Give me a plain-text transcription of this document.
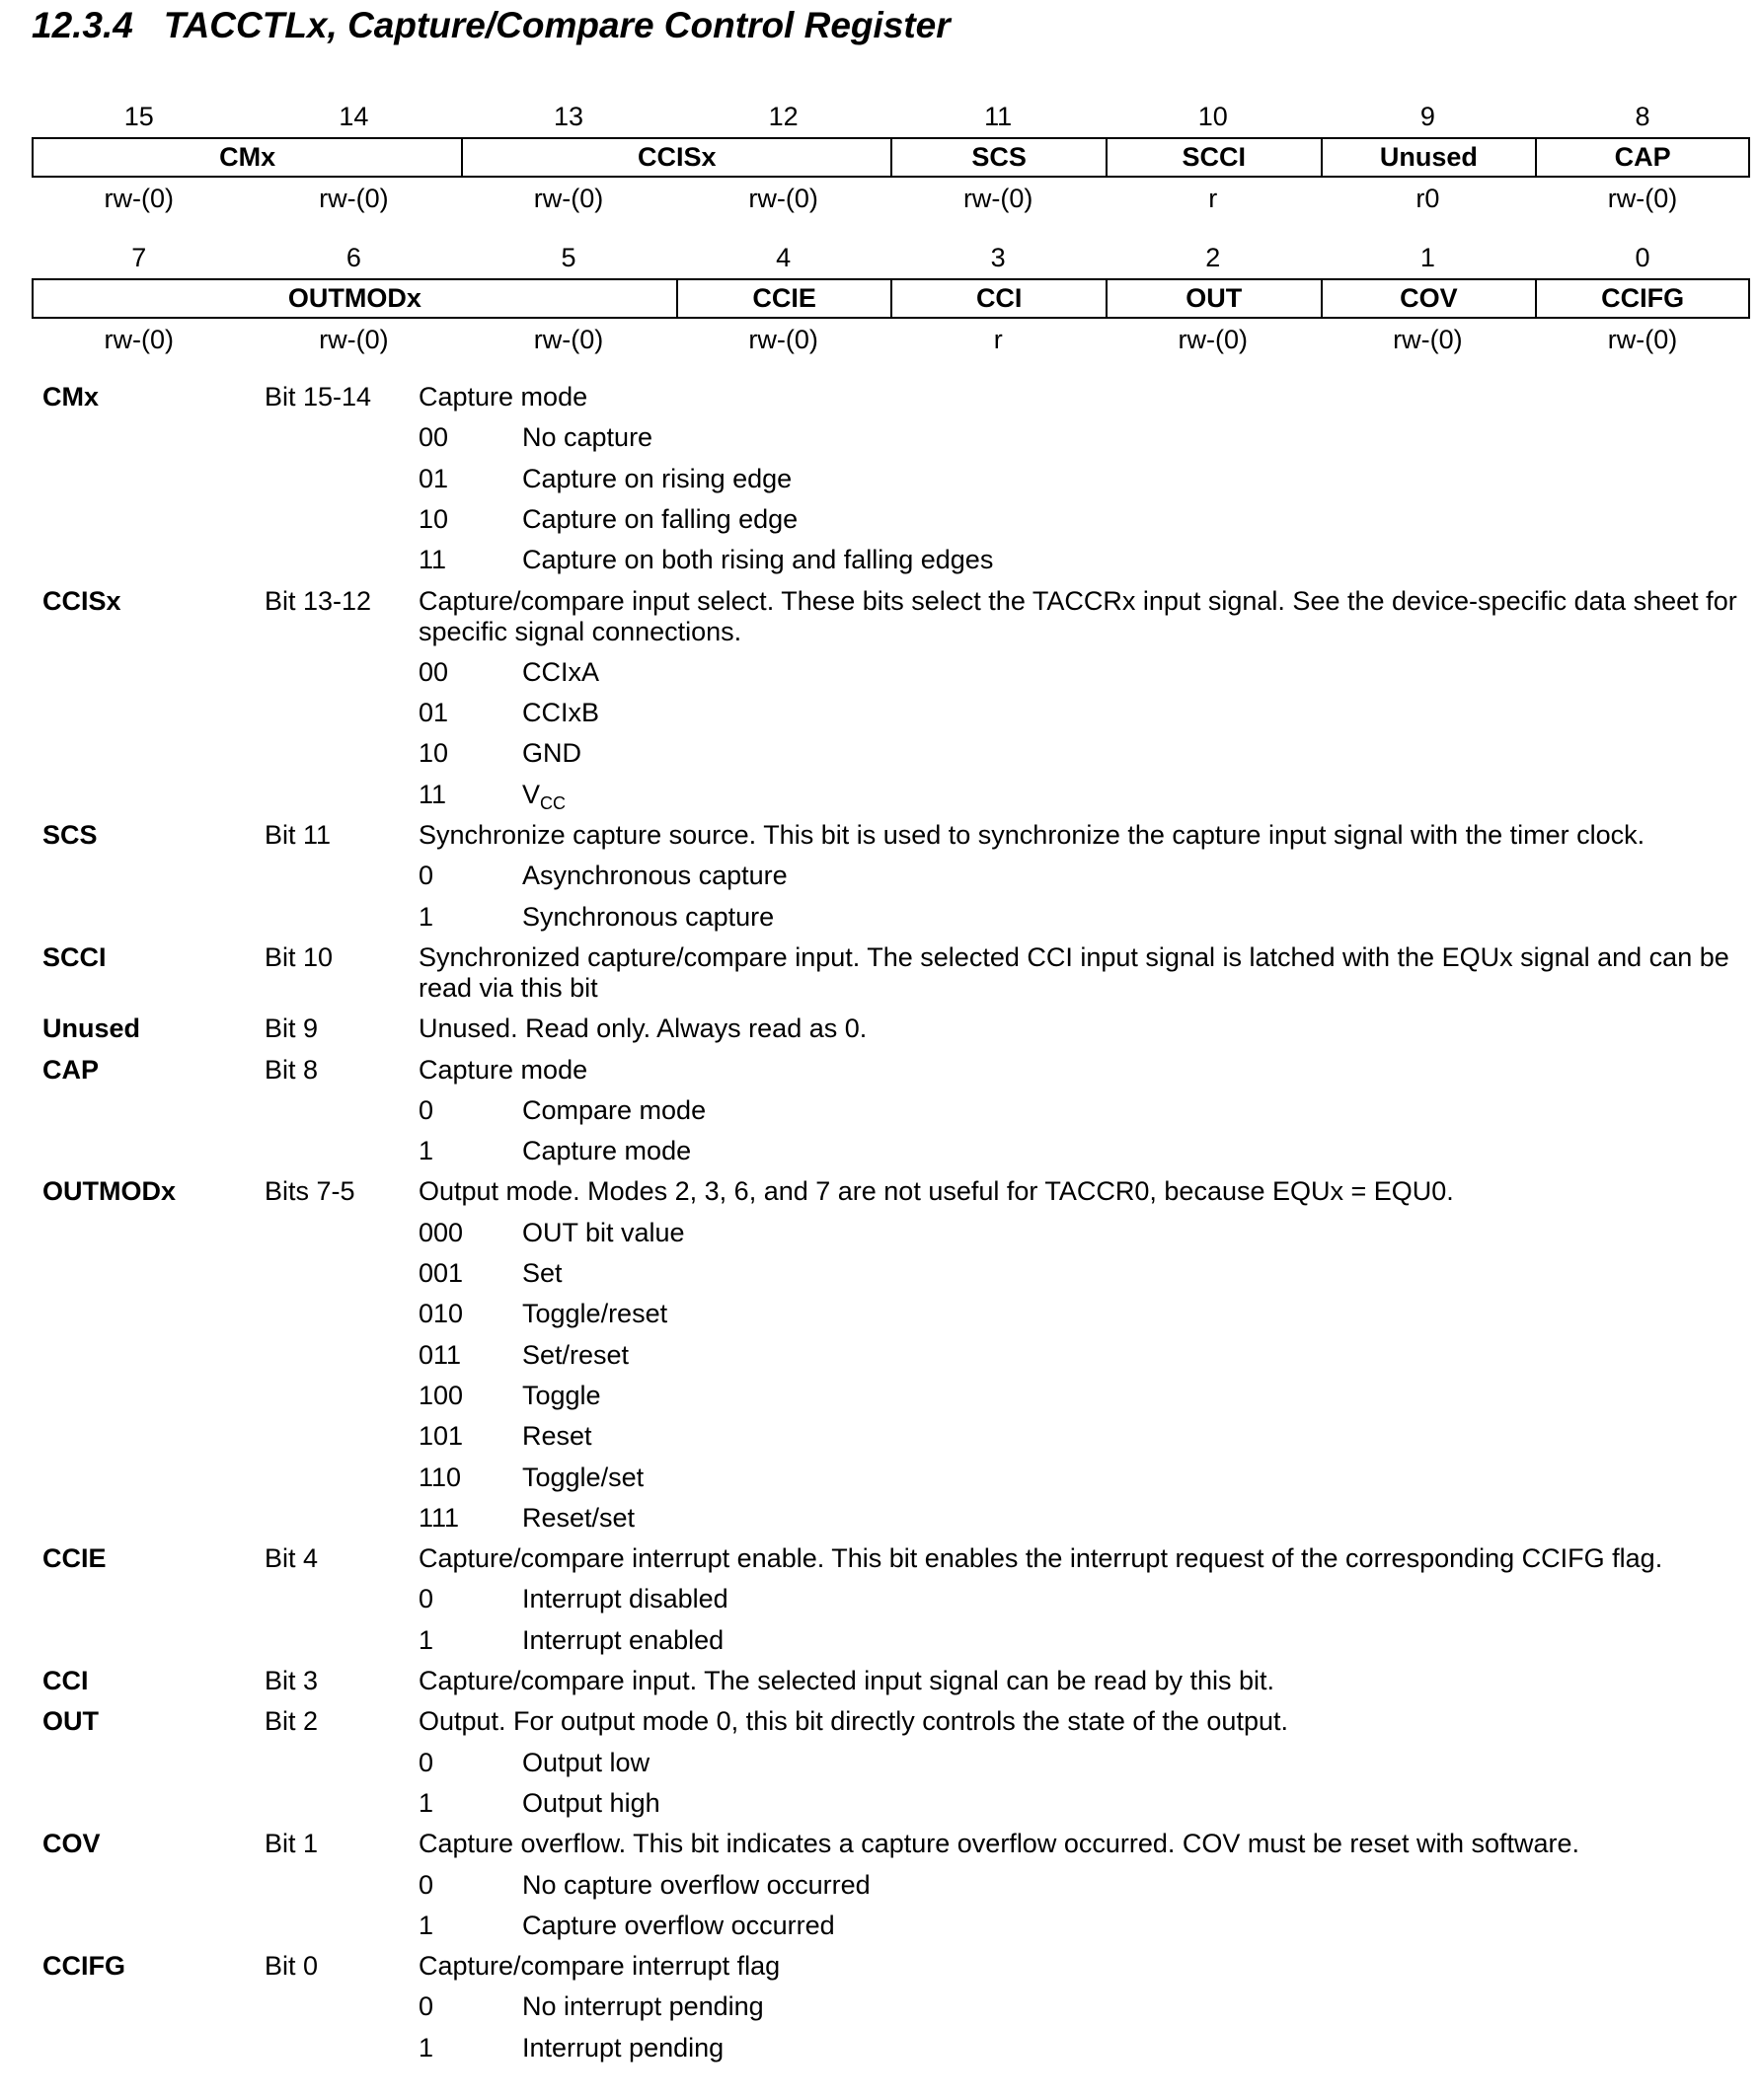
12.3.4   TACCTLx, Capture/Compare Control Register
15	14	13	12	11	10	9	8
CMx	CCISx	SCS	SCCI	Unused	CAP
rw-(0)	rw-(0)	rw-(0)	rw-(0)	rw-(0)	r	r0	rw-(0)
7	6	5	4	3	2	1	0
OUTMODx	CCIE	CCI	OUT	COV	CCIFG
rw-(0)	rw-(0)	rw-(0)	rw-(0)	r	rw-(0)	rw-(0)	rw-(0)
CMx	Bit 15-14 Capture mode
00	No capture
01	Capture on rising edge
10	Capture on falling edge
11	Capture on both rising and falling edges
CCISx	Bit 13-12 Capture/compare input select. These bits select the TACCRx input signal. See the device-specific data sheet for specific signal connections.
00	CCIxA
01	CCIxB
10	GND
11	$V_{CC}$
SCS	Bit 11	Synchronize capture source. This bit is used to synchronize the capture input signal with the timer clock.
0	Asynchronous capture
1	Synchronous capture
SCCI	Bit 10	Synchronized capture/compare input. The selected CCI input signal is latched with the EQUx signal and can be read via this bit
Unused	Bit 9	Unused. Read only. Always read as 0.
CAP	Bit 8	Capture mode
0	Compare mode
1	Capture mode
OUTMODx	Bits 7-5 Output mode. Modes 2, 3, 6, and 7 are not useful for TACCR0, because EQUx = EQU0.
000 OUT bit value
001 Set
010 Toggle/reset
011 Set/reset
100 Toggle
101 Reset
110 Toggle/set
111 Reset/set
CCIE	Bit 4	Capture/compare interrupt enable. This bit enables the interrupt request of the corresponding CCIFG flag.
0	Interrupt disabled
1	Interrupt enabled
CCI	Bit 3	Capture/compare input. The selected input signal can be read by this bit.
OUT	Bit 2	Output. For output mode 0, this bit directly controls the state of the output.
0	Output low
1	Output high
COV	Bit 1	Capture overflow. This bit indicates a capture overflow occurred. COV must be reset with software.
0	No capture overflow occurred
1	Capture overflow occurred
CCIFG	Bit 0	Capture/compare interrupt flag
0	No interrupt pending
1	Interrupt pending
